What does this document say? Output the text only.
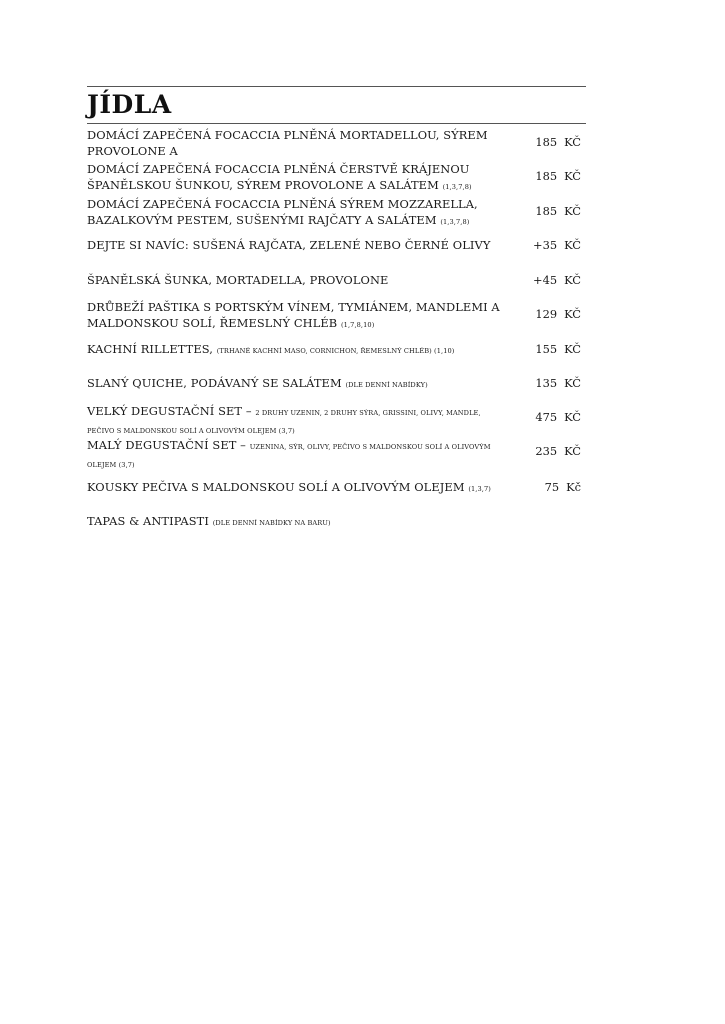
JÍDLA
DOMÁCÍ ZAPEČENÁ FOCACCIA PLNĚNÁ MORTADELLOU, SÝREM PROVOLONE A
185 KČ
DOMÁCÍ ZAPEČENÁ FOCACCIA PLNĚNÁ ČERSTVĚ KRÁJENOU ŠPANĚLSKOU ŠUNKOU, SÝREM PROVOLONE A SALÁTEM (1,3,7,8)
185 KČ
DOMÁCÍ ZAPEČENÁ FOCACCIA PLNĚNÁ SÝREM MOZZARELLA, BAZALKOVÝM PESTEM, SUŠENÝMI RAJČATY A SALÁTEM (1,3,7,8)
185 KČ
DEJTE SI NAVÍC: SUŠENÁ RAJČATA, ZELENÉ NEBO ČERNÉ OLIVY	+35 KČ
ŠPANĚLSKÁ ŠUNKA, MORTADELLA, PROVOLONE	+45 KČ
DRŮBEŽÍ PAŠTIKA S PORTSKÝM VÍNEM, TYMIÁNEM, MANDLEMI A MALDONSKOU SOLÍ, ŘEMESLNÝ CHLÉB (1,7,8,10)
129 KČ
KACHNÍ RILLETTES, (TRHANÉ KACHNÍ MASO, CORNICHON, ŘEMESLNÝ CHLÉB) (1,10)	155 KČ
SLANÝ QUICHE, PODÁVANÝ SE SALÁTEM (DLE DENNÍ NABÍDKY)	135 KČ
VELKÝ DEGUSTAČNÍ SET – 2 DRUHY UZENIN, 2 DRUHY SÝRA, GRISSINI, OLIVY, MANDLE, PEČIVO S MALDONSKOU SOLÍ A OLIVOVÝM OLEJEM (3,7)
475 KČ
MALÝ DEGUSTAČNÍ SET – UZENINA, SÝR, OLIVY, PEČIVO S MALDONSKOU SOLÍ A OLIVOVÝM OLEJEM (3,7)
235 KČ
KOUSKY PEČIVA S MALDONSKOU SOLÍ A OLIVOVÝM OLEJEM (1,3,7)	75 Kč
TAPAS & ANTIPASTI (DLE DENNÍ NABÍDKY NA BARU)
